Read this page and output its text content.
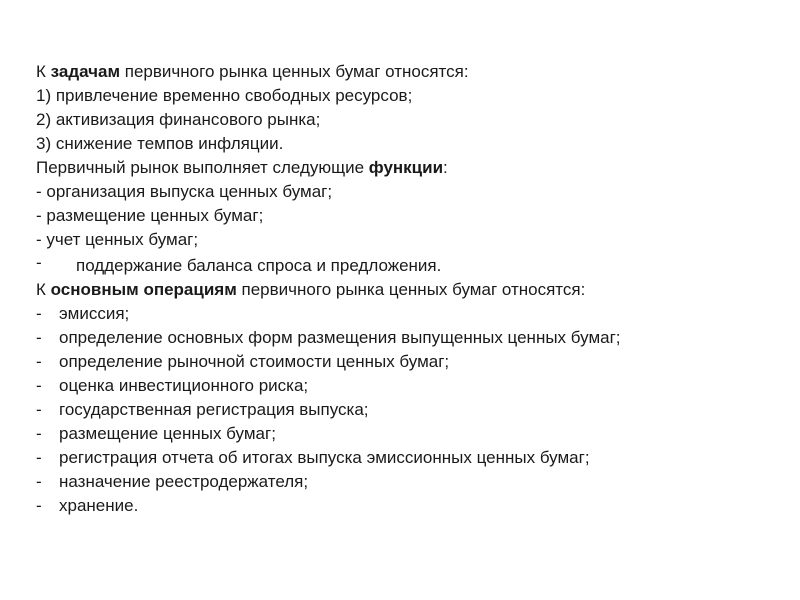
К задачам первичного рынка ценных бумаг относятся:
1) привлечение временно свободных ресурсов;
2) активизация финансового рынка;
3) снижение темпов инфляции.
Первичный рынок выполняет следующие функции:
- организация выпуска ценных бумаг;
- размещение ценных бумаг;
- учет ценных бумаг;
- поддержание баланса спроса и предложения.
К основным операциям первичного рынка ценных бумаг относятся:
- эмиссия;
- определение основных форм размещения выпущенных ценных бумаг;
- определение рыночной стоимости ценных бумаг;
- оценка инвестиционного риска;
- государственная регистрация выпуска;
- размещение ценных бумаг;
- регистрация отчета об итогах выпуска эмиссионных ценных бумаг;
- назначение реестродержателя;
- хранение.
